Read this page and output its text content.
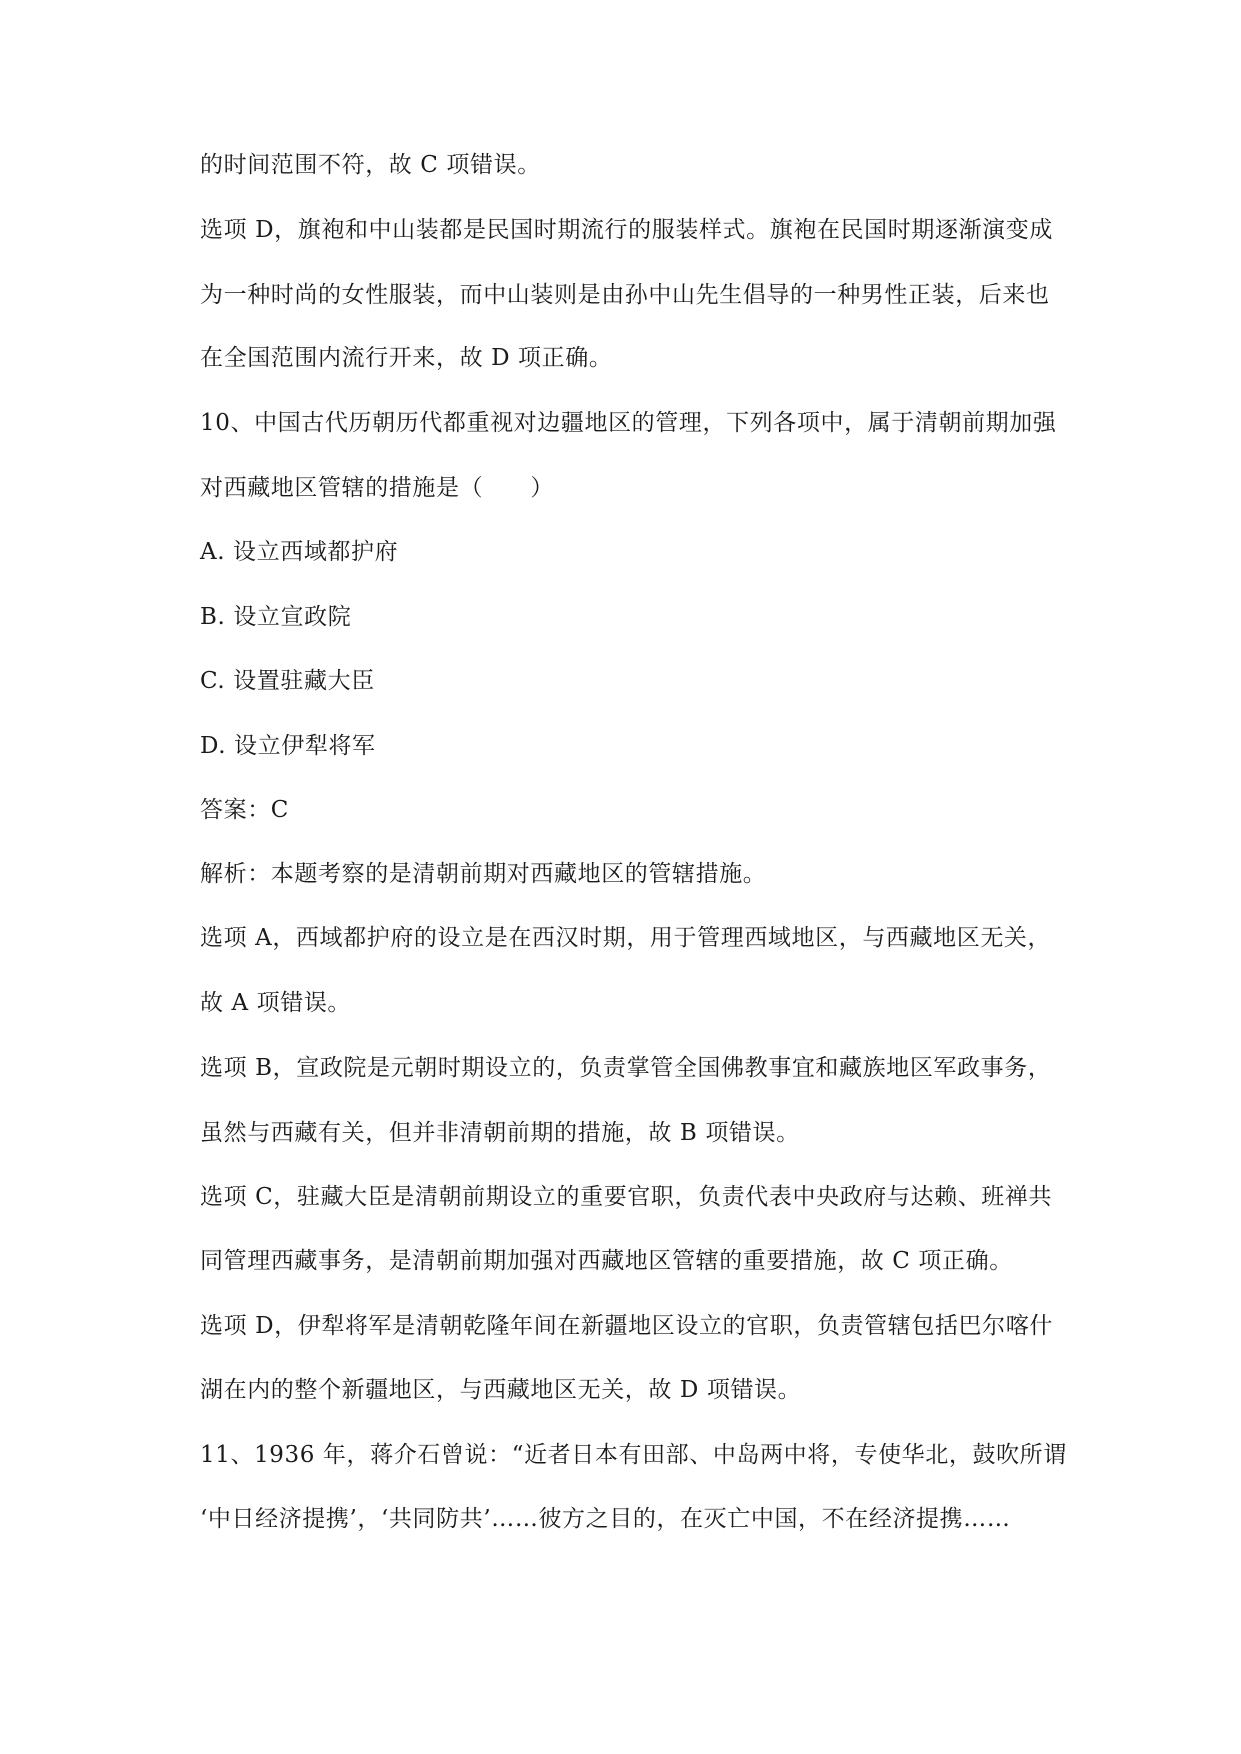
的时间范围不符，故 C 项错误。
选项 D，旗袍和中山装都是民国时期流行的服装样式。旗袍在民国时期逐渐演变成
为一种时尚的女性服装，而中山装则是由孙中山先生倡导的一种男性正装，后来也
在全国范围内流行开来，故 D 项正确。
10、中国古代历朝历代都重视对边疆地区的管理，下列各项中，属于清朝前期加强
对西藏地区管辖的措施是（　　）
A. 设立西域都护府
B. 设立宣政院
C. 设置驻藏大臣
D. 设立伊犁将军
答案：C
解析：本题考察的是清朝前期对西藏地区的管辖措施。
选项 A，西域都护府的设立是在西汉时期，用于管理西域地区，与西藏地区无关，
故 A 项错误。
选项 B，宣政院是元朝时期设立的，负责掌管全国佛教事宜和藏族地区军政事务，
虽然与西藏有关，但并非清朝前期的措施，故 B 项错误。
选项 C，驻藏大臣是清朝前期设立的重要官职，负责代表中央政府与达赖、班禅共
同管理西藏事务，是清朝前期加强对西藏地区管辖的重要措施，故 C 项正确。
选项 D，伊犁将军是清朝乾隆年间在新疆地区设立的官职，负责管辖包括巴尔喀什
湖在内的整个新疆地区，与西藏地区无关，故 D 项错误。
11、1936 年，蒋介石曾说：“近者日本有田部、中岛两中将，专使华北，鼓吹所谓
‘中日经济提携’，‘共同防共’……彼方之目的，在灭亡中国，不在经济提携……
